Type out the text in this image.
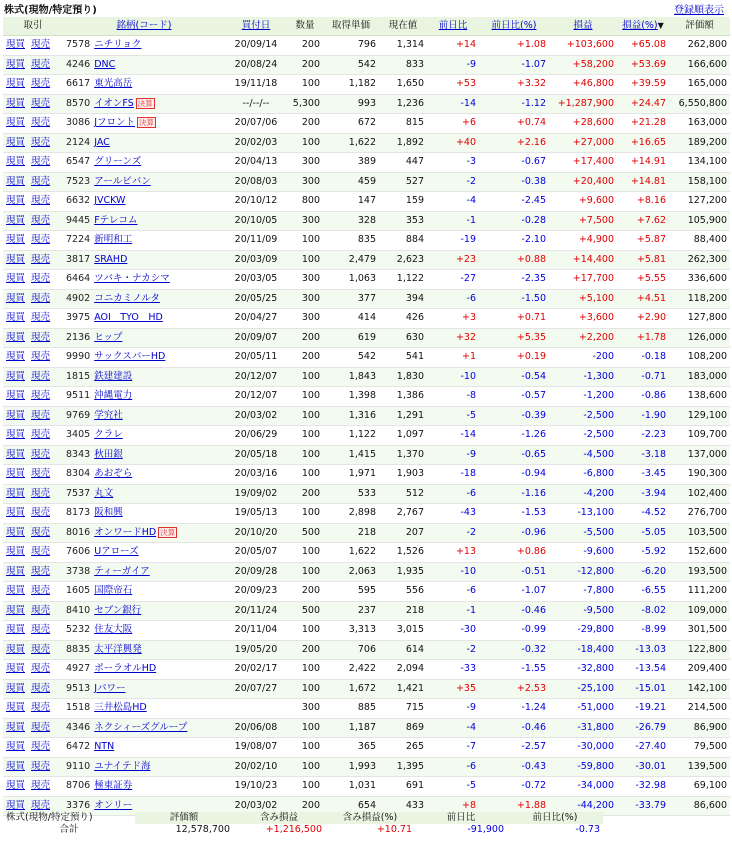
株式(現物/特定預り)	登録順表示
取引	銘柄(コード)	買付日	数量	取得単価	現在値	前日比	前日比(%)	損益	損益(%)▼	評価額
現買 現売	7578 ニチリョク	20/09/14	200	796	1,314	+14	+1.08	+103,600	+65.08	262,800
現買 現売	4246 DNC	20/08/24	200	542	833	-9	-1.07	+58,200	+53.69	166,600
現買 現売	6617 東光高岳	19/11/18	100	1,182	1,650	+53	+3.32	+46,800	+39.59	165,000
現買 現売	8570 イオンFS 決算	--/--/--	5,300	993	1,236	-14	-1.12	+1,287,900	+24.47	6,550,800
現買 現売	3086 Jフロント 決算	20/07/06	200	672	815	+6	+0.74	+28,600	+21.28	163,000
現買 現売	2124 JAC	20/02/03	100	1,622	1,892	+40	+2.16	+27,000	+16.65	189,200
現買 現売	6547 グリーンズ	20/04/13	300	389	447	-3	-0.67	+17,400	+14.91	134,100
現買 現売	7523 アールビバン	20/08/03	300	459	527	-2	-0.38	+20,400	+14.81	158,100
現買 現売	6632 JVCKW	20/10/12	800	147	159	-4	-2.45	+9,600	+8.16	127,200
現買 現売	9445 Fテレコム	20/10/05	300	328	353	-1	-0.28	+7,500	+7.62	105,900
現買 現売	7224 新明和工	20/11/09	100	835	884	-19	-2.10	+4,900	+5.87	88,400
現買 現売	3817 SRAHD	20/03/09	100	2,479	2,623	+23	+0.88	+14,400	+5.81	262,300
現買 現売	6464 ツバキ・ナカシマ	20/03/05	300	1,063	1,122	-27	-2.35	+17,700	+5.55	336,600
現買 現売	4902 コニカミノルタ	20/05/25	300	377	394	-6	-1.50	+5,100	+4.51	118,200
現買 現売	3975 AOI　TYO　HD	20/04/27	300	414	426	+3	+0.71	+3,600	+2.90	127,800
現買 現売	2136 ヒップ	20/09/07	200	619	630	+32	+5.35	+2,200	+1.78	126,000
現買 現売	9990 サックスバーHD	20/05/11	200	542	541	+1	+0.19	-200	-0.18	108,200
現買 現売	1815 鉄建建設	20/12/07	100	1,843	1,830	-10	-0.54	-1,300	-0.71	183,000
現買 現売	9511 沖縄電力	20/12/07	100	1,398	1,386	-8	-0.57	-1,200	-0.86	138,600
現買 現売	9769 学究社	20/03/02	100	1,316	1,291	-5	-0.39	-2,500	-1.90	129,100
現買 現売	3405 クラレ	20/06/29	100	1,122	1,097	-14	-1.26	-2,500	-2.23	109,700
現買 現売	8343 秋田銀	20/05/18	100	1,415	1,370	-9	-0.65	-4,500	-3.18	137,000
現買 現売	8304 あおぞら	20/03/16	100	1,971	1,903	-18	-0.94	-6,800	-3.45	190,300
現買 現売	7537 丸文	19/09/02	200	533	512	-6	-1.16	-4,200	-3.94	102,400
現買 現売	8173 阪和興	19/05/13	100	2,898	2,767	-43	-1.53	-13,100	-4.52	276,700
現買 現売	8016 オンワードHD 決算	20/10/20	500	218	207	-2	-0.96	-5,500	-5.05	103,500
現買 現売	7606 Uアローズ	20/05/07	100	1,622	1,526	+13	+0.86	-9,600	-5.92	152,600
現買 現売	3738 ティーガイア	20/09/28	100	2,063	1,935	-10	-0.51	-12,800	-6.20	193,500
現買 現売	1605 国際帝石	20/09/23	200	595	556	-6	-1.07	-7,800	-6.55	111,200
現買 現売	8410 セブン銀行	20/11/24	500	237	218	-1	-0.46	-9,500	-8.02	109,000
現買 現売	5232 住友大阪	20/11/04	100	3,313	3,015	-30	-0.99	-29,800	-8.99	301,500
現買 現売	8835 太平洋興発	19/05/20	200	706	614	-2	-0.32	-18,400	-13.03	122,800
現買 現売	4927 ポーラオルHD	20/02/17	100	2,422	2,094	-33	-1.55	-32,800	-13.54	209,400
現買 現売	9513 Jパワー	20/07/27	100	1,672	1,421	+35	+2.53	-25,100	-15.01	142,100
現買 現売	1518 三井松島HD		300	885	715	-9	-1.24	-51,000	-19.21	214,500
現買 現売	4346 ネクシィーズグループ	20/06/08	100	1,187	869	-4	-0.46	-31,800	-26.79	86,900
現買 現売	6472 NTN	19/08/07	100	365	265	-7	-2.57	-30,000	-27.40	79,500
現買 現売	9110 ユナイテド海	20/02/10	100	1,993	1,395	-6	-0.43	-59,800	-30.01	139,500
現買 現売	8706 極東証券	19/10/23	100	1,031	691	-5	-0.72	-34,000	-32.98	69,100
現買 現売	3376 オンリー	20/03/02	200	654	433	+8	+1.88	-44,200	-33.79	86,600
株式(現物/特定預り)	評価額	含み損益	含み損益(%)	前日比	前日比(%)
合計	12,578,700	+1,216,500	+10.71	-91,900	-0.73
